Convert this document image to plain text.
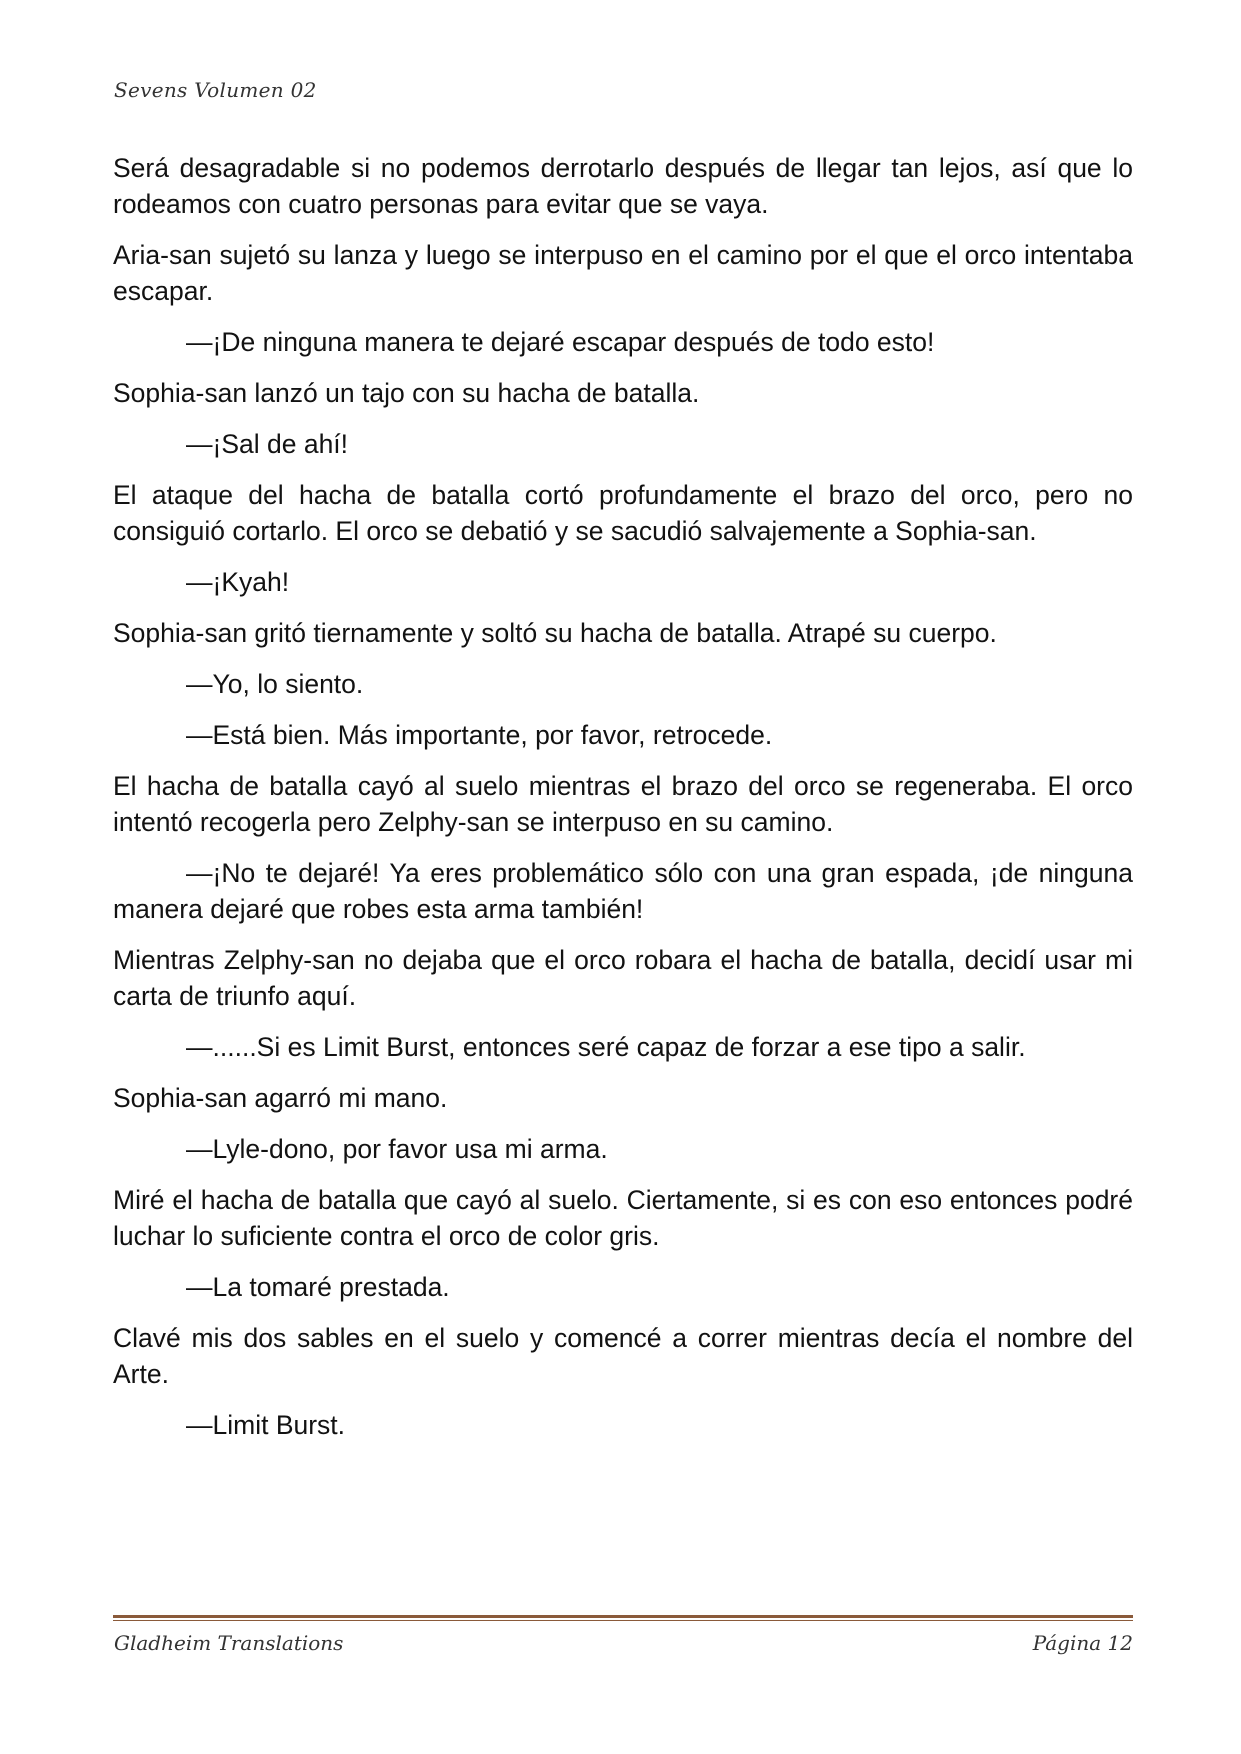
Sevens Volumen 02

Será desagradable si no podemos derrotarlo después de llegar tan lejos, así que lo rodeamos con cuatro personas para evitar que se vaya.

Aria-san sujetó su lanza y luego se interpuso en el camino por el que el orco intentaba escapar.

—¡De ninguna manera te dejaré escapar después de todo esto!

Sophia-san lanzó un tajo con su hacha de batalla.

—¡Sal de ahí!

El ataque del hacha de batalla cortó profundamente el brazo del orco, pero no consiguió cortarlo. El orco se debatió y se sacudió salvajemente a Sophia-san.

—¡Kyah!

Sophia-san gritó tiernamente y soltó su hacha de batalla. Atrapé su cuerpo.

—Yo, lo siento.

—Está bien. Más importante, por favor, retrocede.

El hacha de batalla cayó al suelo mientras el brazo del orco se regeneraba. El orco intentó recogerla pero Zelphy-san se interpuso en su camino.

—¡No te dejaré! Ya eres problemático sólo con una gran espada, ¡de ninguna manera dejaré que robes esta arma también!

Mientras Zelphy-san no dejaba que el orco robara el hacha de batalla, decidí usar mi carta de triunfo aquí.

—......Si es Limit Burst, entonces seré capaz de forzar a ese tipo a salir.

Sophia-san agarró mi mano.

—Lyle-dono, por favor usa mi arma.

Miré el hacha de batalla que cayó al suelo. Ciertamente, si es con eso entonces podré luchar lo suficiente contra el orco de color gris.

—La tomaré prestada.

Clavé mis dos sables en el suelo y comencé a correr mientras decía el nombre del Arte.

—Limit Burst.

Gladheim Translations	Página 12
